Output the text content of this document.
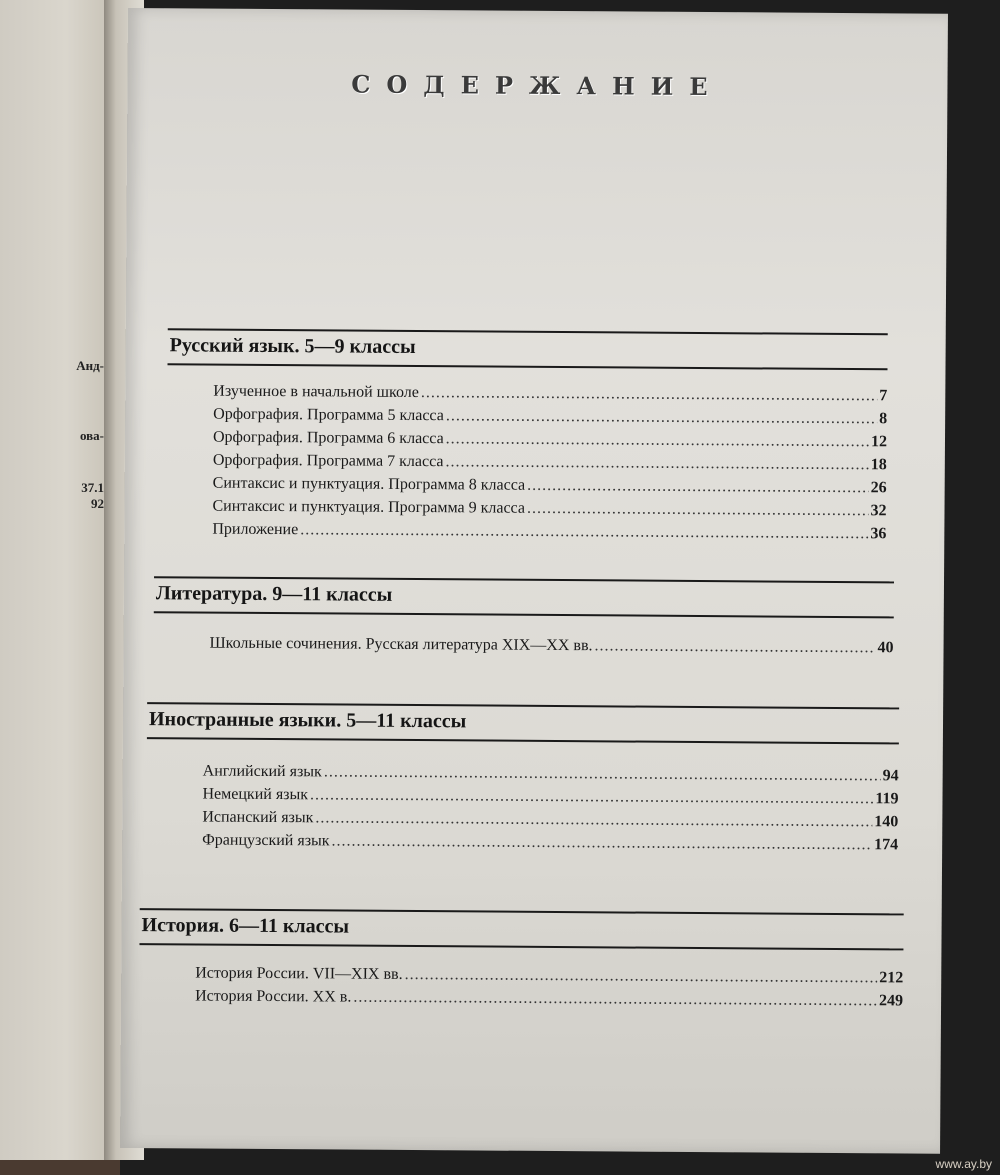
Анд-
ова-
37.1
92
СОДЕРЖАНИЕ
Русский язык. 5—9 классы
Изученное в начальной школе .....	7
Орфография. Программа 5 класса .....	8
Орфография. Программа 6 класса .....	12
Орфография. Программа 7 класса .....	18
Синтаксис и пунктуация. Программа 8 класса .....	26
Синтаксис и пунктуация. Программа 9 класса .....	32
Приложение .....	36
Литература. 9—11 классы
Школьные сочинения. Русская литература XIX—XX вв. .....	40
Иностранные языки. 5—11 классы
Английский язык .....	94
Немецкий язык .....	119
Испанский язык .....	140
Французский язык .....	174
История. 6—11 классы
История России. VII—XIX вв. .....	212
История России. XX в. .....	249
www.ay.by
